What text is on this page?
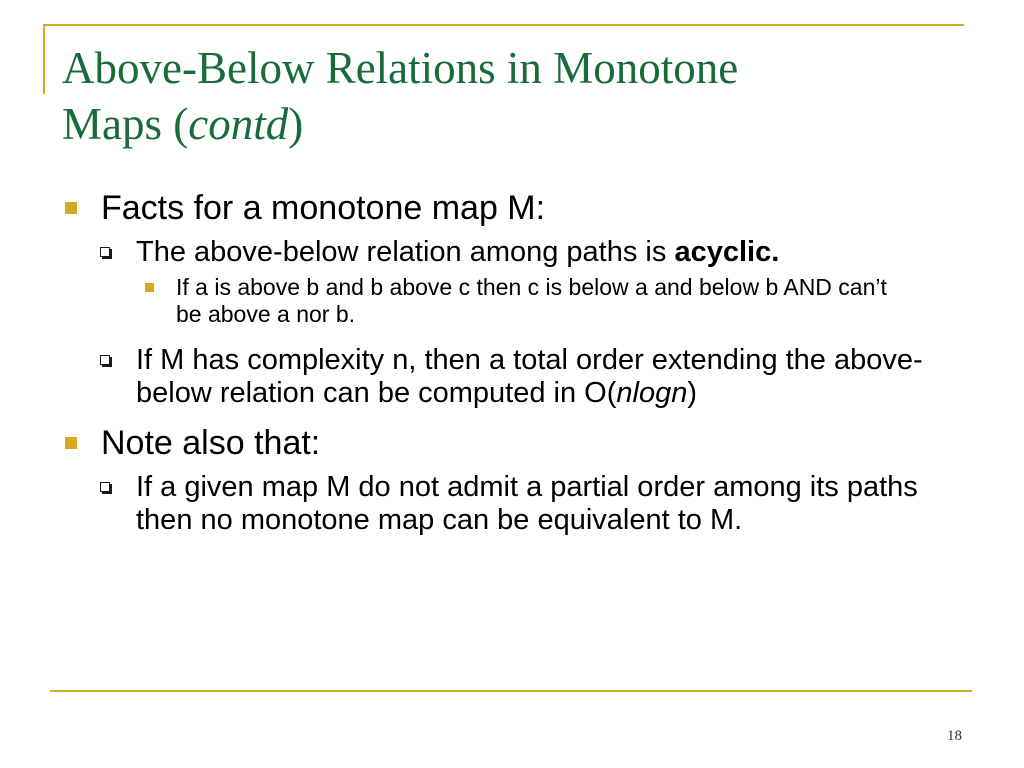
Above-Below Relations in Monotone
Maps (contd)
Facts for a monotone map M:
The above-below relation among paths is acyclic.
If a is above b and b above c then c is below a and below b AND can’t be above a nor b.
If M has complexity n, then a total order extending the above-below relation can be computed in O(nlogn)
Note also that:
If a given map M do not admit a partial order among its paths then no monotone map can be equivalent to M.
18
